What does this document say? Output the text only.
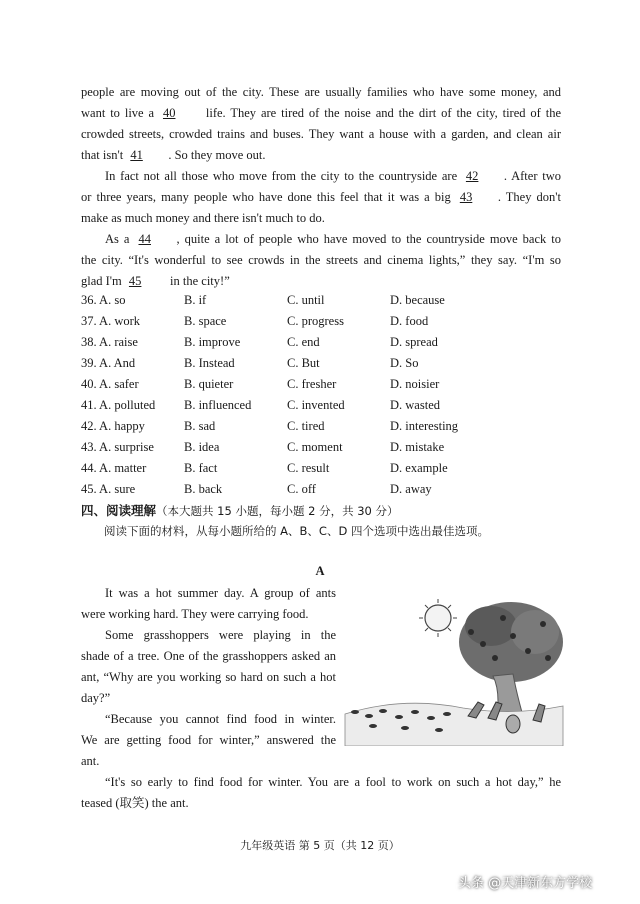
people are moving out of the city. These are usually families who have some money, and
want to live a 40 life. They are tired of the noise and the dirt of the city, tired of the
crowded streets, crowded trains and buses. They want a house with a garden, and clean air
that isn't 41 . So they move out.
In fact not all those who move from the city to the countryside are 42 . After two
or three years, many people who have done this feel that it was a big 43 . They don't
make as much money and there isn't much to do.
As a 44 , quite a lot of people who have moved to the countryside move back to
the city. “It's wonderful to see crowds in the streets and cinema lights,” they say. “I'm so
glad I'm 45 in the city!”
36. A. so	B. if	C. until	D. because
37. A. work	B. space	C. progress	D. food
38. A. raise	B. improve	C. end	D. spread
39. A. And	B. Instead	C. But	D. So
40. A. safer	B. quieter	C. fresher	D. noisier
41. A. polluted B. influenced	C. invented	D. wasted
42. A. happy	B. sad	C. tired	D. interesting
43. A. surprise B. idea	C. moment	D. mistake
44. A. matter	B. fact	C. result	D. example
45. A. sure	B. back	C. off	D. away
四、阅读理解（本大题共 15 小题，每小题 2 分，共 30 分）
阅读下面的材料，从每小题所给的 A、B、C、D 四个选项中选出最佳选项。
A
It was a hot summer day. A group of ants
were working hard. They were carrying food.
Some grasshoppers were playing in the
shade of a tree. One of the grasshoppers asked an
ant, “Why are you working so hard on such a hot
day?”
“Because you cannot find food in winter.
We are getting food for winter,” answered the
ant.
“It's so early to find food for winter. You are a fool to work on such a hot day,” he
teased (取笑) the ant.
九年级英语 第 5 页（共 12 页）
头条 @天津新东方学校
